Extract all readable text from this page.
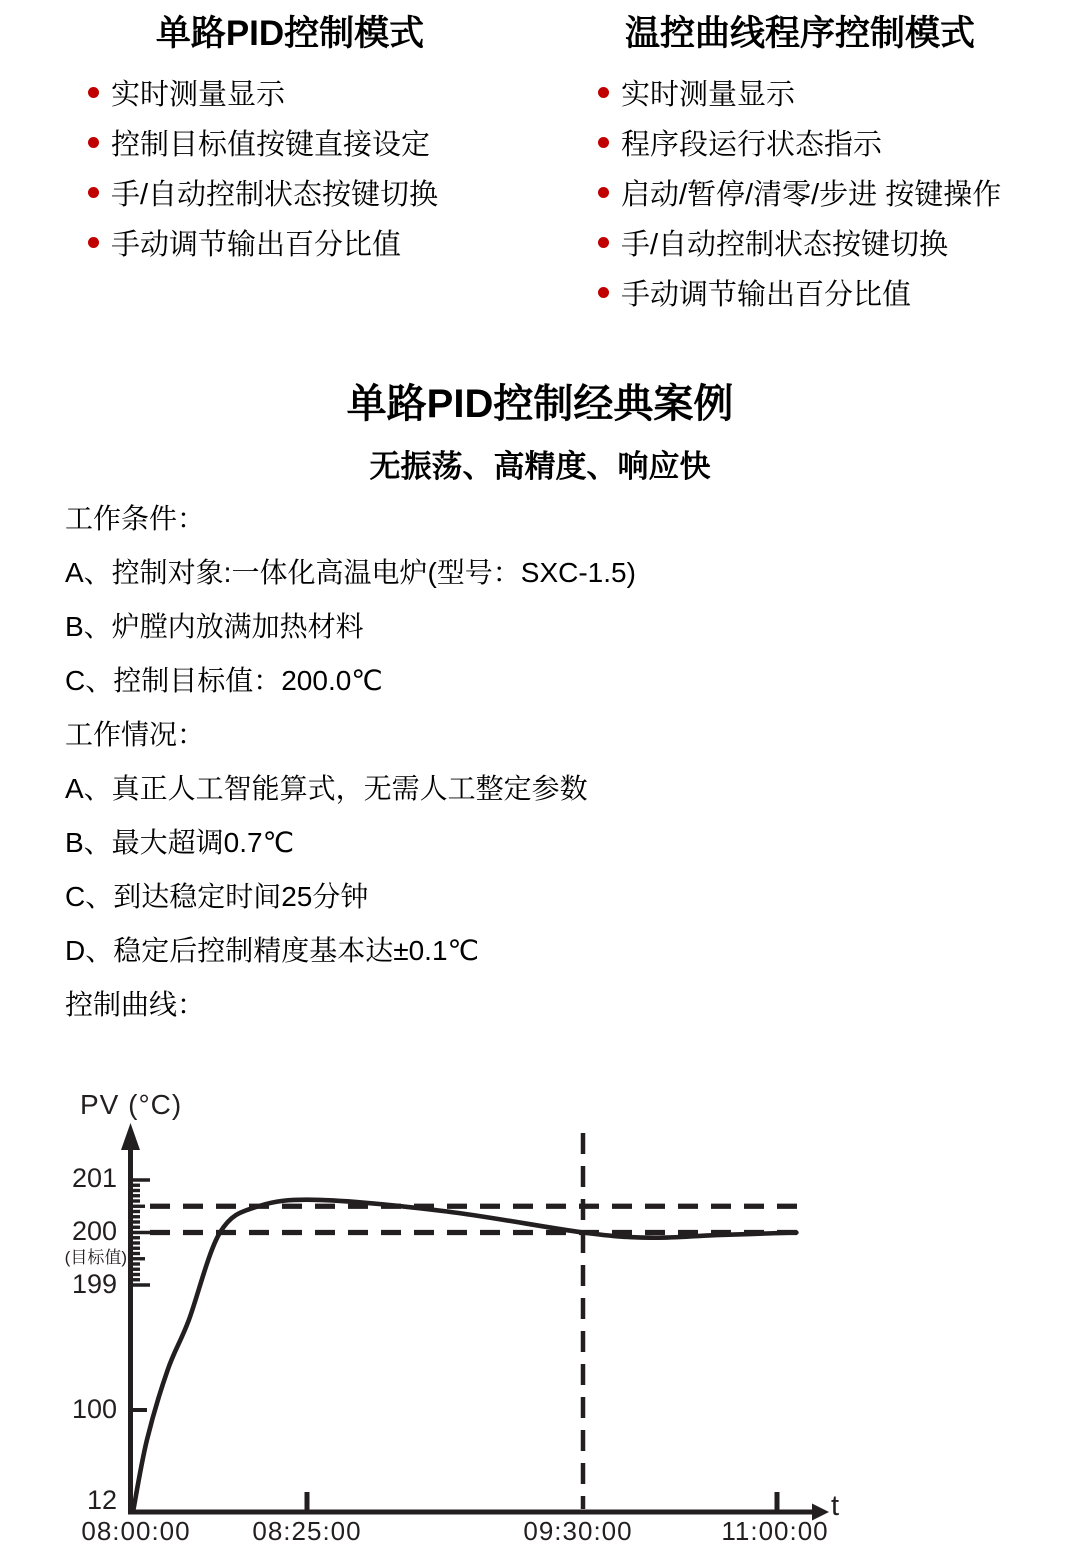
单路PID控制模式
实时测量显示
控制目标值按键直接设定
手/自动控制状态按键切换
手动调节输出百分比值
温控曲线程序控制模式
实时测量显示
程序段运行状态指示
启动/暂停/清零/步进 按键操作
手/自动控制状态按键切换
手动调节输出百分比值
单路PID控制经典案例
无振荡、高精度、响应快
工作条件：
A、控制对象:一体化高温电炉(型号：SXC-1.5)
B、炉膛内放满加热材料
C、控制目标值：200.0℃
工作情况：
A、真正人工智能算式，无需人工整定参数
B、最大超调0.7℃
C、到达稳定时间25分钟
D、稳定后控制精度基本达±0.1℃
控制曲线：
PV (°C)
201
200
(目标值)
199
100
12
08:00:00	08:25:00	09:30:00	11:00:00
t
